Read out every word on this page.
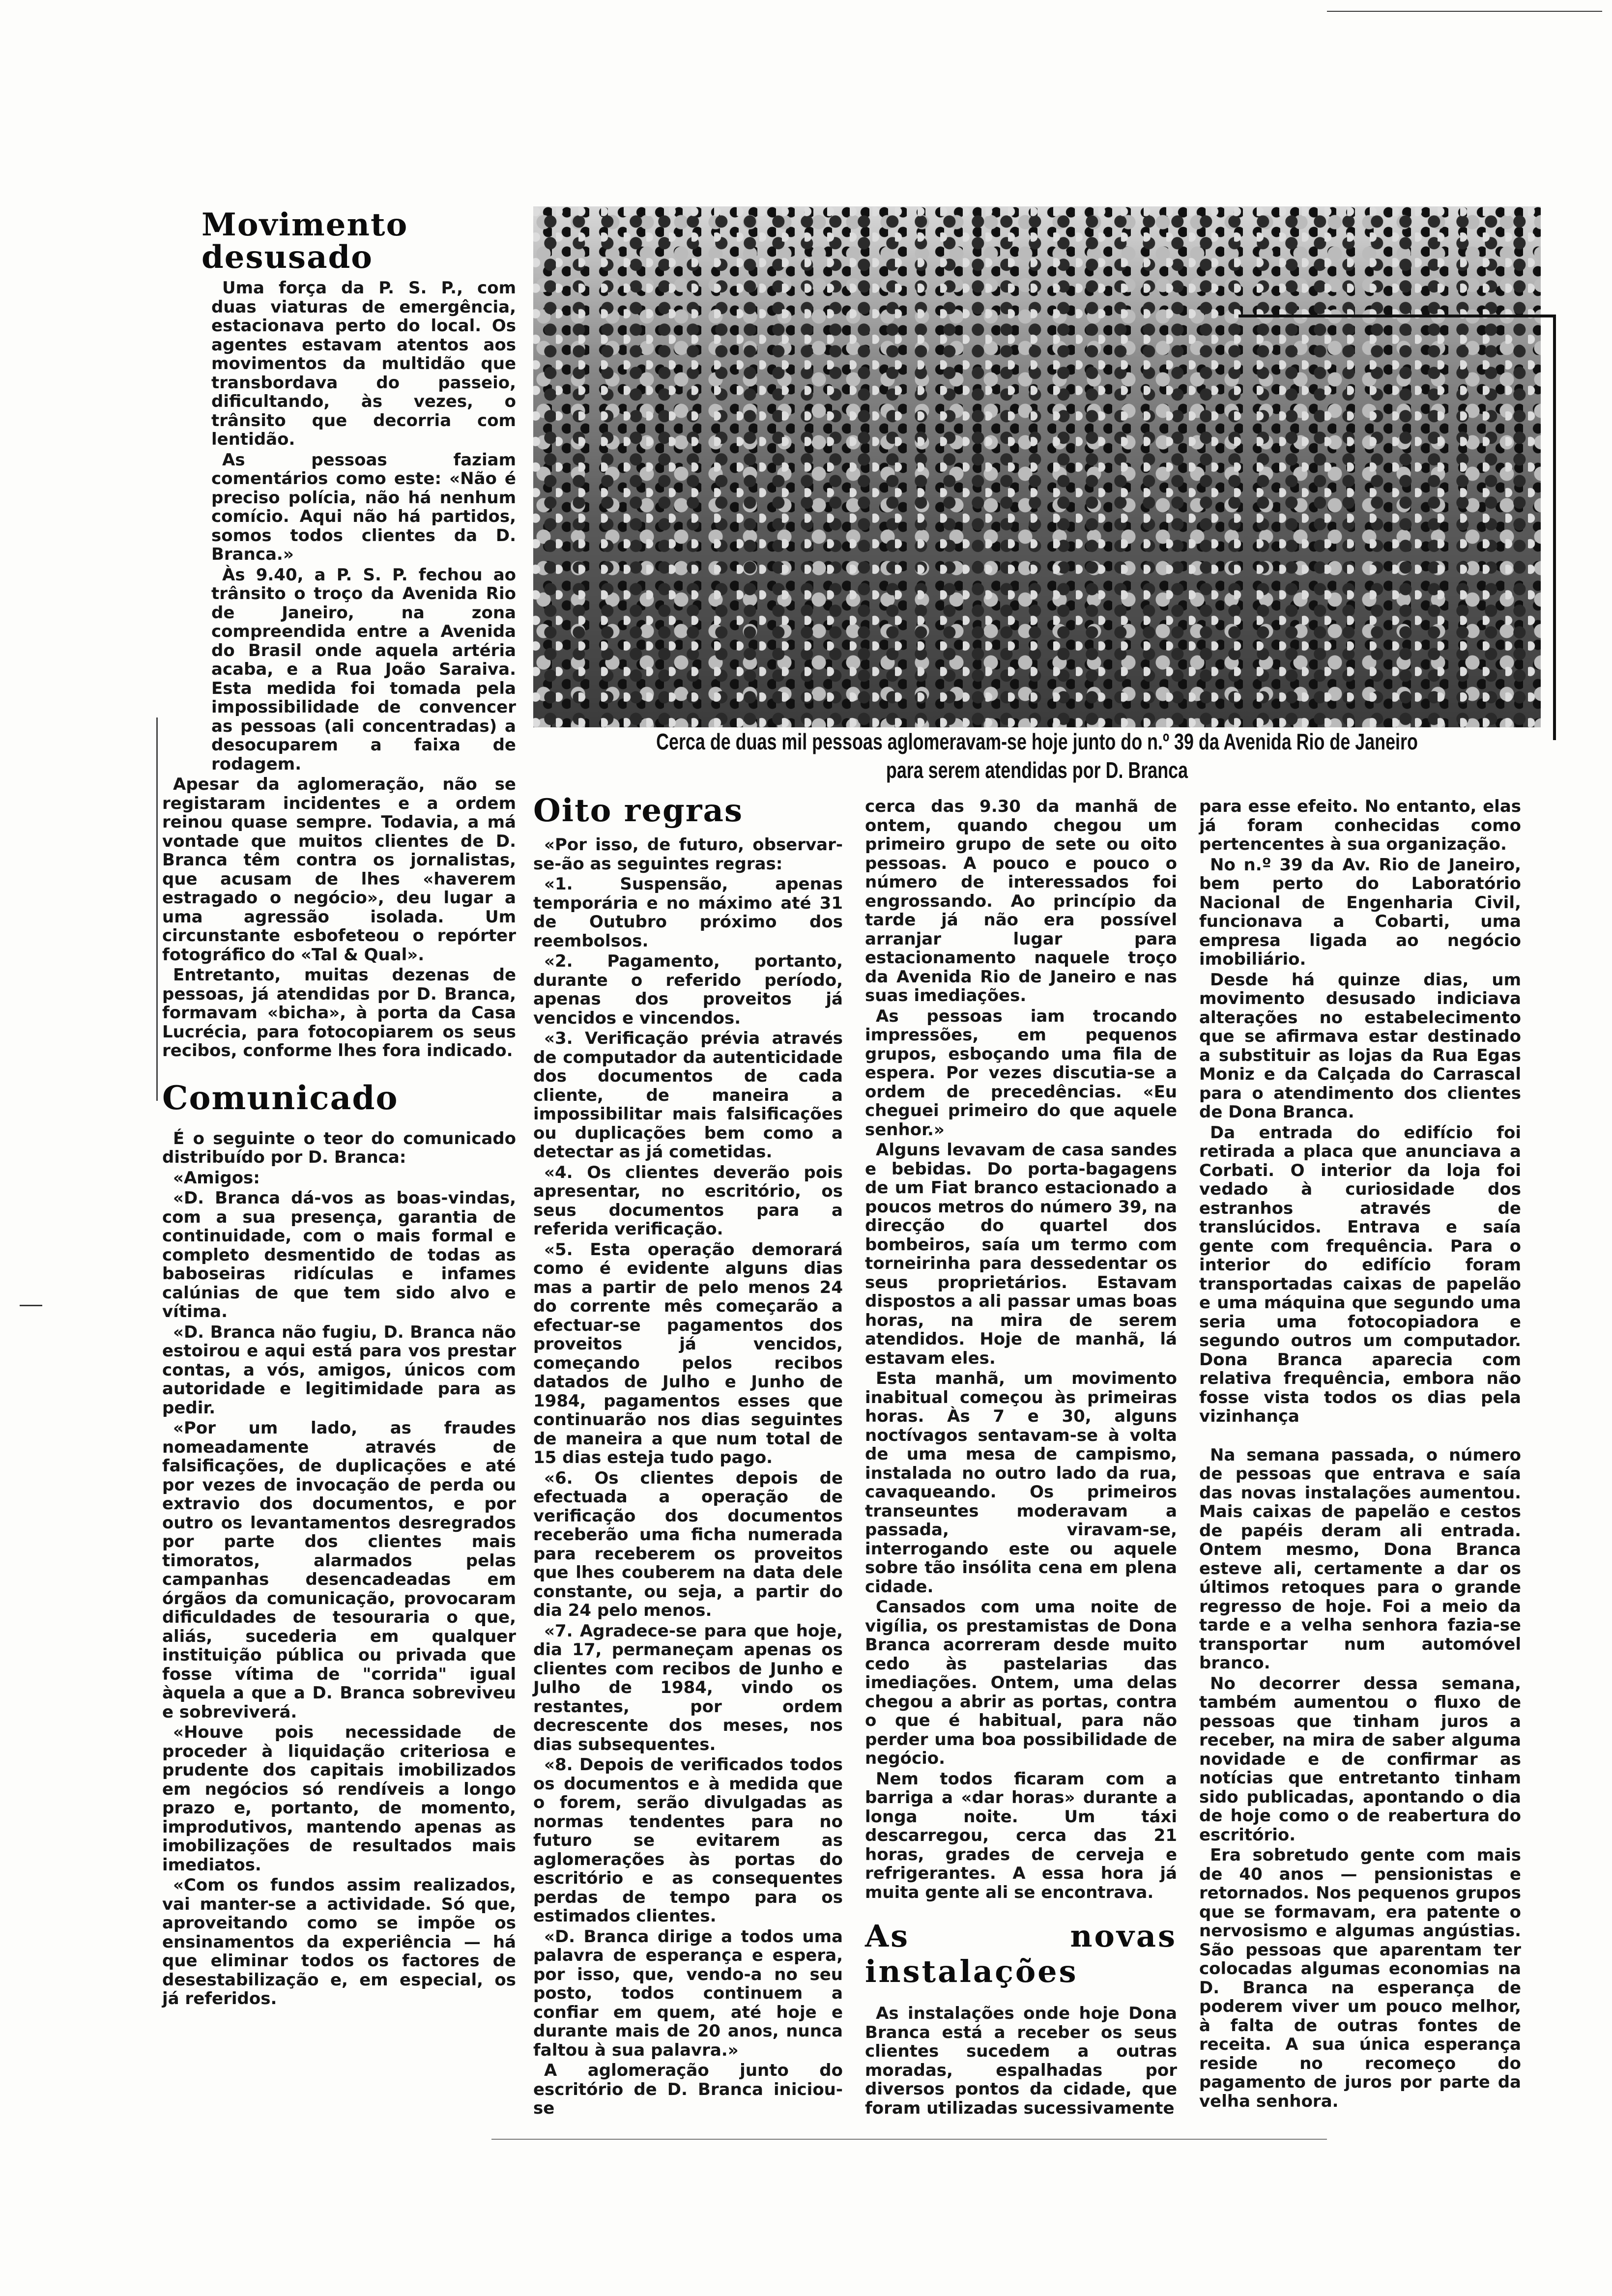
Cerca de duas mil pessoas aglomeravam-se hoje junto do n.º 39 da Avenida Rio de Janeiro para serem atendidas por D. Branca
Movimento desusado

Uma força da P. S. P., com duas viaturas de emergência, estacionava perto do local. Os agentes estavam atentos aos movimentos da multidão que transbordava do passeio, dificultando, às vezes, o trânsito que decorria com lentidão.

As pessoas faziam comentários como este: «Não é preciso polícia, não há nenhum comício. Aqui não há partidos, somos todos clientes da D. Branca.»

Às 9.40, a P. S. P. fechou ao trânsito o troço da Avenida Rio de Janeiro, na zona compreendida entre a Avenida do Brasil onde aquela artéria acaba, e a Rua João Saraiva. Esta medida foi tomada pela impossibilidade de convencer as pessoas (ali concentradas) a desocuparem a faixa de rodagem.

Apesar da aglomeração, não se registaram incidentes e a ordem reinou quase sempre. Todavia, a má vontade que muitos clientes de D. Branca têm contra os jornalistas, que acusam de lhes «haverem estragado o negócio», deu lugar a uma agressão isolada. Um circunstante esbofeteou o repórter fotográfico do «Tal & Qual».

Entretanto, muitas dezenas de pessoas, já atendidas por D. Branca, formavam «bicha», à porta da Casa Lucrécia, para fotocopiarem os seus recibos, conforme lhes fora indicado.

Comunicado

É o seguinte o teor do comunicado distribuído por D. Branca:

«Amigos:

«D. Branca dá-vos as boas-vindas, com a sua presença, garantia de continuidade, com o mais formal e completo desmentido de todas as baboseiras ridículas e infames calúnias de que tem sido alvo e vítima.

«D. Branca não fugiu, D. Branca não estoirou e aqui está para vos prestar contas, a vós, amigos, únicos com autoridade e legitimidade para as pedir.

«Por um lado, as fraudes nomeadamente através de falsificações, de duplicações e até por vezes de invocação de perda ou extravio dos documentos, e por outro os levantamentos desregrados por parte dos clientes mais timoratos, alarmados pelas campanhas desencadeadas em órgãos da comunicação, provocaram dificuldades de tesouraria o que, aliás, sucederia em qualquer instituição pública ou privada que fosse vítima de "corrida" igual àquela a que a D. Branca sobreviveu e sobreviverá.

«Houve pois necessidade de proceder à liquidação criteriosa e prudente dos capitais imobilizados em negócios só rendíveis a longo prazo e, portanto, de momento, improdutivos, mantendo apenas as imobilizações de resultados mais imediatos.

«Com os fundos assim realizados, vai manter-se a actividade. Só que, aproveitando como se impõe os ensinamentos da experiência — há que eliminar todos os factores de desestabilização e, em especial, os já referidos.

Oito regras

«Por isso, de futuro, observar-se-ão as seguintes regras:

«1. Suspensão, apenas temporária e no máximo até 31 de Outubro próximo dos reembolsos.

«2. Pagamento, portanto, durante o referido período, apenas dos proveitos já vencidos e vincendos.

«3. Verificação prévia através de computador da autenticidade dos documentos de cada cliente, de maneira a impossibilitar mais falsificações ou duplicações bem como a detectar as já cometidas.

«4. Os clientes deverão pois apresentar, no escritório, os seus documentos para a referida verificação.

«5. Esta operação demorará como é evidente alguns dias mas a partir de pelo menos 24 do corrente mês começarão a efectuar-se pagamentos dos proveitos já vencidos, começando pelos recibos datados de Julho e Junho de 1984, pagamentos esses que continuarão nos dias seguintes de maneira a que num total de 15 dias esteja tudo pago.

«6. Os clientes depois de efectuada a operação de verificação dos documentos receberão uma ficha numerada para receberem os proveitos que lhes couberem na data dele constante, ou seja, a partir do dia 24 pelo menos.

«7. Agradece-se para que hoje, dia 17, permaneçam apenas os clientes com recibos de Junho e Julho de 1984, vindo os restantes, por ordem decrescente dos meses, nos dias subsequentes.

«8. Depois de verificados todos os documentos e à medida que o forem, serão divulgadas as normas tendentes para no futuro se evitarem as aglomerações às portas do escritório e as consequentes perdas de tempo para os estimados clientes.

«D. Branca dirige a todos uma palavra de esperança e espera, por isso, que, vendo-a no seu posto, todos continuem a confiar em quem, até hoje e durante mais de 20 anos, nunca faltou à sua palavra.»

A aglomeração junto do escritório de D. Branca iniciou-se

cerca das 9.30 da manhã de ontem, quando chegou um primeiro grupo de sete ou oito pessoas. A pouco e pouco o número de interessados foi engrossando. Ao princípio da tarde já não era possível arranjar lugar para estacionamento naquele troço da Avenida Rio de Janeiro e nas suas imediações.

As pessoas iam trocando impressões, em pequenos grupos, esboçando uma fila de espera. Por vezes discutia-se a ordem de precedências. «Eu cheguei primeiro do que aquele senhor.»

Alguns levavam de casa sandes e bebidas. Do porta-bagagens de um Fiat branco estacionado a poucos metros do número 39, na direcção do quartel dos bombeiros, saía um termo com torneirinha para dessedentar os seus proprietários. Estavam dispostos a ali passar umas boas horas, na mira de serem atendidos. Hoje de manhã, lá estavam eles.

Esta manhã, um movimento inabitual começou às primeiras horas. Às 7 e 30, alguns noctívagos sentavam-se à volta de uma mesa de campismo, instalada no outro lado da rua, cavaqueando. Os primeiros transeuntes moderavam a passada, viravam-se, interrogando este ou aquele sobre tão insólita cena em plena cidade.

Cansados com uma noite de vigília, os prestamistas de Dona Branca acorreram desde muito cedo às pastelarias das imediações. Ontem, uma delas chegou a abrir as portas, contra o que é habitual, para não perder uma boa possibilidade de negócio.

Nem todos ficaram com a barriga a «dar horas» durante a longa noite. Um táxi descarregou, cerca das 21 horas, grades de cerveja e refrigerantes. A essa hora já muita gente ali se encontrava.

As novas instalações

As instalações onde hoje Dona Branca está a receber os seus clientes sucedem a outras moradas, espalhadas por diversos pontos da cidade, que foram utilizadas sucessivamente

para esse efeito. No entanto, elas já foram conhecidas como pertencentes à sua organização.

No n.º 39 da Av. Rio de Janeiro, bem perto do Laboratório Nacional de Engenharia Civil, funcionava a Cobarti, uma empresa ligada ao negócio imobiliário.

Desde há quinze dias, um movimento desusado indiciava alterações no estabelecimento que se afirmava estar destinado a substituir as lojas da Rua Egas Moniz e da Calçada do Carrascal para o atendimento dos clientes de Dona Branca.

Da entrada do edifício foi retirada a placa que anunciava a Corbati. O interior da loja foi vedado à curiosidade dos estranhos através de translúcidos. Entrava e saía gente com frequência. Para o interior do edifício foram transportadas caixas de papelão e uma máquina que segundo uma seria uma fotocopiadora e segundo outros um computador. Dona Branca aparecia com relativa frequência, embora não fosse vista todos os dias pela vizinhança

Na semana passada, o número de pessoas que entrava e saía das novas instalações aumentou. Mais caixas de papelão e cestos de papéis deram ali entrada. Ontem mesmo, Dona Branca esteve ali, certamente a dar os últimos retoques para o grande regresso de hoje. Foi a meio da tarde e a velha senhora fazia-se transportar num automóvel branco.

No decorrer dessa semana, também aumentou o fluxo de pessoas que tinham juros a receber, na mira de saber alguma novidade e de confirmar as notícias que entretanto tinham sido publicadas, apontando o dia de hoje como o de reabertura do escritório.

Era sobretudo gente com mais de 40 anos — pensionistas e retornados. Nos pequenos grupos que se formavam, era patente o nervosismo e algumas angústias. São pessoas que aparentam ter colocadas algumas economias na D. Branca na esperança de poderem viver um pouco melhor, à falta de outras fontes de receita. A sua única esperança reside no recomeço do pagamento de juros por parte da velha senhora.
